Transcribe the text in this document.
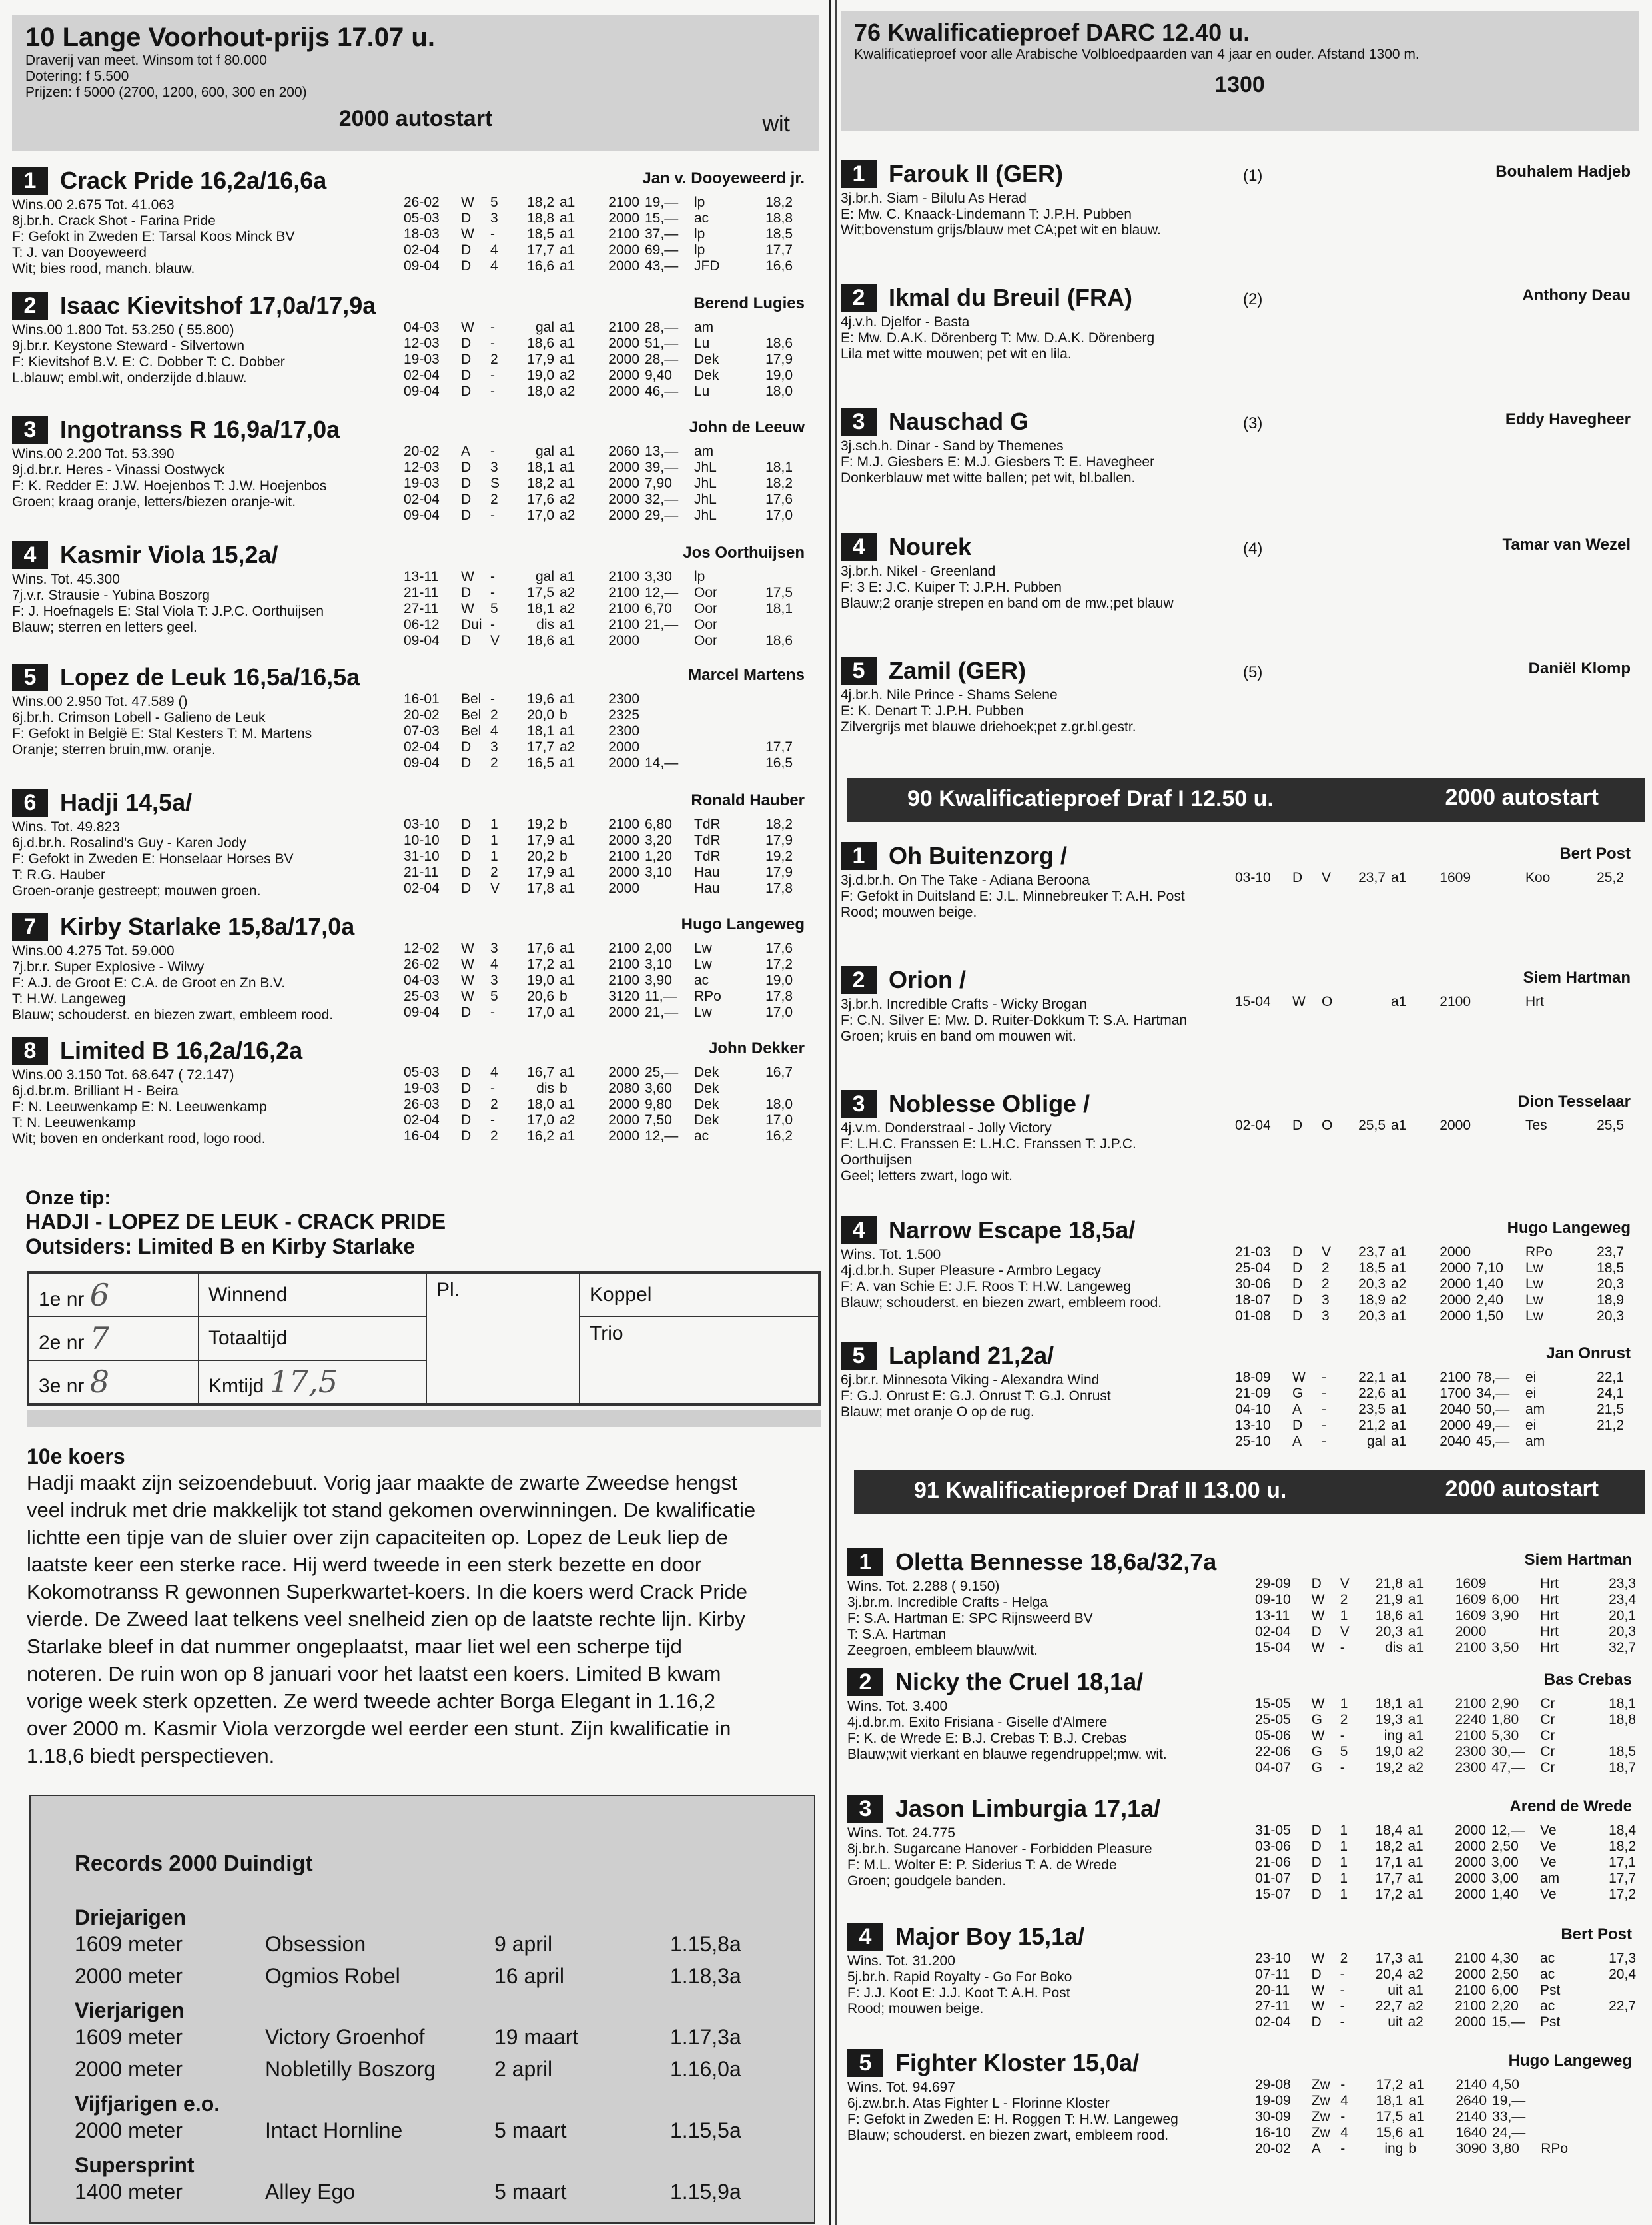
10 Lange Voorhout-prijs 17.07 u.
Draverij van meet. Winsom tot f 80.000
Dotering: f 5.500
Prijzen: f 5000 (2700, 1200, 600, 300 en 200)
2000 autostart	wit
1 Crack Pride 16,2a/16,6a	Jan v. Dooyeweerd jr.
Wins.00 2.675 Tot. 41.063
8j.br.h. Crack Shot - Farina Pride
F: Gefokt in Zweden E: Tarsal Koos Minck BV
T: J. van Dooyeweerd
Wit; bies rood, manch. blauw.
26-02	W	5	18,2	a1	2100	19,—	lp	18,2
05-03	D	3	18,8	a1	2000	15,—	ac	18,8
18-03	W	-	18,5	a1	2100	37,—	lp	18,5
02-04	D	4	17,7	a1	2000	69,—	lp	17,7
09-04	D	4	16,6	a1	2000	43,—	JFD	16,6
2 Isaac Kievitshof 17,0a/17,9a	Berend Lugies
Wins.00 1.800 Tot. 53.250 ( 55.800)
9j.br.r. Keystone Steward - Silvertown
F: Kievitshof B.V. E: C. Dobber T: C. Dobber
L.blauw; embl.wit, onderzijde d.blauw.
04-03	W	-	gal	a1	2100	28,—	am	
12-03	D	-	18,6	a1	2000	51,—	Lu	18,6
19-03	D	2	17,9	a1	2000	28,—	Dek	17,9
02-04	D	-	19,0	a2	2000	9,40	Dek	19,0
09-04	D	-	18,0	a2	2000	46,—	Lu	18,0
3 Ingotranss R 16,9a/17,0a	John de Leeuw
Wins.00 2.200 Tot. 53.390
9j.d.br.r. Heres - Vinassi Oostwyck
F: K. Redder E: J.W. Hoejenbos T: J.W. Hoejenbos
Groen; kraag oranje, letters/biezen oranje-wit.
20-02	A	-	gal	a1	2060	13,—	am	
12-03	D	3	18,1	a1	2000	39,—	JhL	18,1
19-03	D	S	18,2	a1	2000	7,90	JhL	18,2
02-04	D	2	17,6	a2	2000	32,—	JhL	17,6
09-04	D	-	17,0	a2	2000	29,—	JhL	17,0
4 Kasmir Viola 15,2a/	Jos Oorthuijsen
Wins. Tot. 45.300
7j.v.r. Strausie - Yubina Boszorg
F: J. Hoefnagels E: Stal Viola T: J.P.C. Oorthuijsen
Blauw; sterren en letters geel.
13-11	W	-	gal	a1	2100	3,30	lp	
21-11	D	-	17,5	a2	2100	12,—	Oor	17,5
27-11	W	5	18,1	a2	2100	6,70	Oor	18,1
06-12	Dui	-	dis	a1	2100	21,—	Oor	
09-04	D	V	18,6	a1	2000		Oor	18,6
5 Lopez de Leuk 16,5a/16,5a	Marcel Martens
Wins.00 2.950 Tot. 47.589 ()
6j.br.h. Crimson Lobell - Galieno de Leuk
F: Gefokt in België E: Stal Kesters T: M. Martens
Oranje; sterren bruin,mw. oranje.
16-01	Bel	-	19,6	a1	2300			
20-02	Bel	2	20,0	b	2325			
07-03	Bel	4	18,1	a1	2300			
02-04	D	3	17,7	a2	2000			17,7
09-04	D	2	16,5	a1	2000	14,—		16,5
6 Hadji 14,5a/	Ronald Hauber
Wins. Tot. 49.823
6j.d.br.h. Rosalind's Guy - Karen Jody
F: Gefokt in Zweden E: Honselaar Horses BV
T: R.G. Hauber
Groen-oranje gestreept; mouwen groen.
03-10	D	1	19,2	b	2100	6,80	TdR	18,2
10-10	D	1	17,9	a1	2000	3,20	TdR	17,9
31-10	D	1	20,2	b	2100	1,20	TdR	19,2
21-11	D	2	17,9	a1	2000	3,10	Hau	17,9
02-04	D	V	17,8	a1	2000		Hau	17,8
7 Kirby Starlake 15,8a/17,0a	Hugo Langeweg
Wins.00 4.275 Tot. 59.000
7j.br.r. Super Explosive - Wilwy
F: A.J. de Groot E: C.A. de Groot en Zn B.V.
T: H.W. Langeweg
Blauw; schouderst. en biezen zwart, embleem rood.
12-02	W	3	17,6	a1	2100	2,00	Lw	17,6
26-02	W	4	17,2	a1	2100	3,10	Lw	17,2
04-03	W	3	19,0	a1	2100	3,90	ac	19,0
25-03	W	5	20,6	b	3120	11,—	RPo	17,8
09-04	D	-	17,0	a1	2000	21,—	Lw	17,0
8 Limited B 16,2a/16,2a	John Dekker
Wins.00 3.150 Tot. 68.647 ( 72.147)
6j.d.br.m. Brilliant H - Beira
F: N. Leeuwenkamp E: N. Leeuwenkamp
T: N. Leeuwenkamp
Wit; boven en onderkant rood, logo rood.
05-03	D	4	16,7	a1	2000	25,—	Dek	16,7
19-03	D	-	dis	b	2080	3,60	Dek	
26-03	D	2	18,0	a1	2000	9,80	Dek	18,0
02-04	D	-	17,0	a2	2000	7,50	Dek	17,0
16-04	D	2	16,2	a1	2000	12,—	ac	16,2
Onze tip:
HADJI - LOPEZ DE LEUK - CRACK PRIDE
Outsiders: Limited B en Kirby Starlake
1e nr 6	Winnend	Pl.	Koppel
2e nr 7	Totaaltijd		Trio
3e nr 8	Kmtijd 17,5		
10e koers
Hadji maakt zijn seizoendebuut. Vorig jaar maakte de zwarte Zweedse hengst
veel indruk met drie makkelijk tot stand gekomen overwinningen. De kwalificatie
lichtte een tipje van de sluier over zijn capaciteiten op. Lopez de Leuk liep de
laatste keer een sterke race. Hij werd tweede in een sterk bezette en door
Kokomotranss R gewonnen Superkwartet-koers. In die koers werd Crack Pride
vierde. De Zweed laat telkens veel snelheid zien op de laatste rechte lijn. Kirby
Starlake bleef in dat nummer ongeplaatst, maar liet wel een scherpe tijd
noteren. De ruin won op 8 januari voor het laatst een koers. Limited B kwam
vorige week sterk opzetten. Ze werd tweede achter Borga Elegant in 1.16,2
over 2000 m. Kasmir Viola verzorgde wel eerder een stunt. Zijn kwalificatie in
1.18,6 biedt perspectieven.
Records 2000 Duindigt
Driejarigen
1609 meter	Obsession	9 april	1.15,8a
2000 meter	Ogmios Robel	16 april	1.18,3a
Vierjarigen
1609 meter	Victory Groenhof	19 maart	1.17,3a
2000 meter	Nobletilly Boszorg	2 april	1.16,0a
Vijfjarigen e.o.
2000 meter	Intact Hornline	5 maart	1.15,5a
Supersprint
1400 meter	Alley Ego	5 maart	1.15,9a
76 Kwalificatieproef DARC 12.40 u.
Kwalificatieproef voor alle Arabische Volbloedpaarden van 4 jaar en ouder. Afstand 1300 m.
1300
1 Farouk II (GER)	Bouhalem Hadjeb
(1)
3j.br.h. Siam - Bilulu As Herad
E: Mw. C. Knaack-Lindemann T: J.P.H. Pubben
Wit;bovenstum grijs/blauw met CA;pet wit en blauw.
2 Ikmal du Breuil (FRA)	Anthony Deau
(2)
4j.v.h. Djelfor - Basta
E: Mw. D.A.K. Dörenberg T: Mw. D.A.K. Dörenberg
Lila met witte mouwen; pet wit en lila.
3 Nauschad G	Eddy Havegheer
(3)
3j.sch.h. Dinar - Sand by Themenes
F: M.J. Giesbers E: M.J. Giesbers T: E. Havegheer
Donkerblauw met witte ballen; pet wit, bl.ballen.
4 Nourek	Tamar van Wezel
(4)
3j.br.h. Nikel - Greenland
F: 3 E: J.C. Kuiper T: J.P.H. Pubben
Blauw;2 oranje strepen en band om de mw.;pet blauw
5 Zamil (GER)	Daniël Klomp
(5)
4j.br.h. Nile Prince - Shams Selene
E: K. Denart T: J.P.H. Pubben
Zilvergrijs met blauwe driehoek;pet z.gr.bl.gestr.
90 Kwalificatieproef Draf I 12.50 u.	2000 autostart
1 Oh Buitenzorg /	Bert Post
3j.d.br.h. On The Take - Adiana Beroona
F: Gefokt in Duitsland E: J.L. Minnebreuker T: A.H. Post
Rood; mouwen beige.
03-10	D	V	23,7	a1	1609		Koo	25,2
2 Orion /	Siem Hartman
3j.br.h. Incredible Crafts - Wicky Brogan
F: C.N. Silver E: Mw. D. Ruiter-Dokkum T: S.A. Hartman
Groen; kruis en band om mouwen wit.
15-04	W	O		a1	2100		Hrt	
3 Noblesse Oblige /	Dion Tesselaar
4j.v.m. Donderstraal - Jolly Victory
F: L.H.C. Franssen E: L.H.C. Franssen T: J.P.C.
Oorthuijsen
Geel; letters zwart, logo wit.
02-04	D	O	25,5	a1	2000		Tes	25,5
4 Narrow Escape 18,5a/	Hugo Langeweg
Wins. Tot. 1.500
4j.d.br.h. Super Pleasure - Armbro Legacy
F: A. van Schie E: J.F. Roos T: H.W. Langeweg
Blauw; schouderst. en biezen zwart, embleem rood.
21-03	D	V	23,7	a1	2000		RPo	23,7
25-04	D	2	18,5	a1	2000	7,10	Lw	18,5
30-06	D	2	20,3	a2	2000	1,40	Lw	20,3
18-07	D	3	18,9	a2	2000	2,40	Lw	18,9
01-08	D	3	20,3	a1	2000	1,50	Lw	20,3
5 Lapland 21,2a/	Jan Onrust
6j.br.r. Minnesota Viking - Alexandra Wind
F: G.J. Onrust E: G.J. Onrust T: G.J. Onrust
Blauw; met oranje O op de rug.
18-09	W	-	22,1	a1	2100	78,—	ei	22,1
21-09	G	-	22,6	a1	1700	34,—	ei	24,1
04-10	A	-	23,5	a1	2040	50,—	am	21,5
13-10	D	-	21,2	a1	2000	49,—	ei	21,2
25-10	A	-	gal	a1	2040	45,—	am	
91 Kwalificatieproef Draf II 13.00 u.	2000 autostart
1 Oletta Bennesse 18,6a/32,7a	Siem Hartman
Wins. Tot. 2.288 ( 9.150)
3j.br.m. Incredible Crafts - Helga
F: S.A. Hartman E: SPC Rijnsweerd BV
T: S.A. Hartman
Zeegroen, embleem blauw/wit.
29-09	D	V	21,8	a1	1609		Hrt	23,3
09-10	W	2	21,9	a1	1609	6,00	Hrt	23,4
13-11	W	1	18,6	a1	1609	3,90	Hrt	20,1
02-04	D	V	20,3	a1	2000		Hrt	20,3
15-04	W	-	dis	a1	2100	3,50	Hrt	32,7
2 Nicky the Cruel 18,1a/	Bas Crebas
Wins. Tot. 3.400
4j.d.br.m. Exito Frisiana - Giselle d'Almere
F: K. de Wrede E: B.J. Crebas T: B.J. Crebas
Blauw;wit vierkant en blauwe regendruppel;mw. wit.
15-05	W	1	18,1	a1	2100	2,90	Cr	18,1
25-05	G	2	19,3	a1	2240	1,80	Cr	18,8
05-06	W	-	ing	a1	2100	5,30	Cr	
22-06	G	5	19,0	a2	2300	30,—	Cr	18,5
04-07	G	-	19,2	a2	2300	47,—	Cr	18,7
3 Jason Limburgia 17,1a/	Arend de Wrede
Wins. Tot. 24.775
8j.br.h. Sugarcane Hanover - Forbidden Pleasure
F: M.L. Wolter E: P. Siderius T: A. de Wrede
Groen; goudgele banden.
31-05	D	1	18,4	a1	2000	12,—	Ve	18,4
03-06	D	1	18,2	a1	2000	2,50	Ve	18,2
21-06	D	1	17,1	a1	2000	3,00	Ve	17,1
01-07	D	1	17,7	a1	2000	3,00	am	17,7
15-07	D	1	17,2	a1	2000	1,40	Ve	17,2
4 Major Boy 15,1a/	Bert Post
Wins. Tot. 31.200
5j.br.h. Rapid Royalty - Go For Boko
F: J.J. Koot E: J.J. Koot T: A.H. Post
Rood; mouwen beige.
23-10	W	2	17,3	a1	2100	4,30	ac	17,3
07-11	D	-	20,4	a2	2000	2,50	ac	20,4
20-11	W	-	uit	a1	2100	6,00	Pst	
27-11	W	-	22,7	a2	2100	2,20	ac	22,7
02-04	D	-	uit	a2	2000	15,—	Pst	
5 Fighter Kloster 15,0a/	Hugo Langeweg
Wins. Tot. 94.697
6j.zw.br.h. Atas Fighter L - Florinne Kloster
F: Gefokt in Zweden E: H. Roggen T: H.W. Langeweg
Blauw; schouderst. en biezen zwart, embleem rood.
29-08	Zw	-	17,2	a1	2140	4,50		
19-09	Zw	4	18,1	a1	2640	19,—		
30-09	Zw	-	17,5	a1	2140	33,—		
16-10	Zw	4	15,6	a1	1640	24,—		
20-02	A	-	ing	b	3090	3,80	RPo	
